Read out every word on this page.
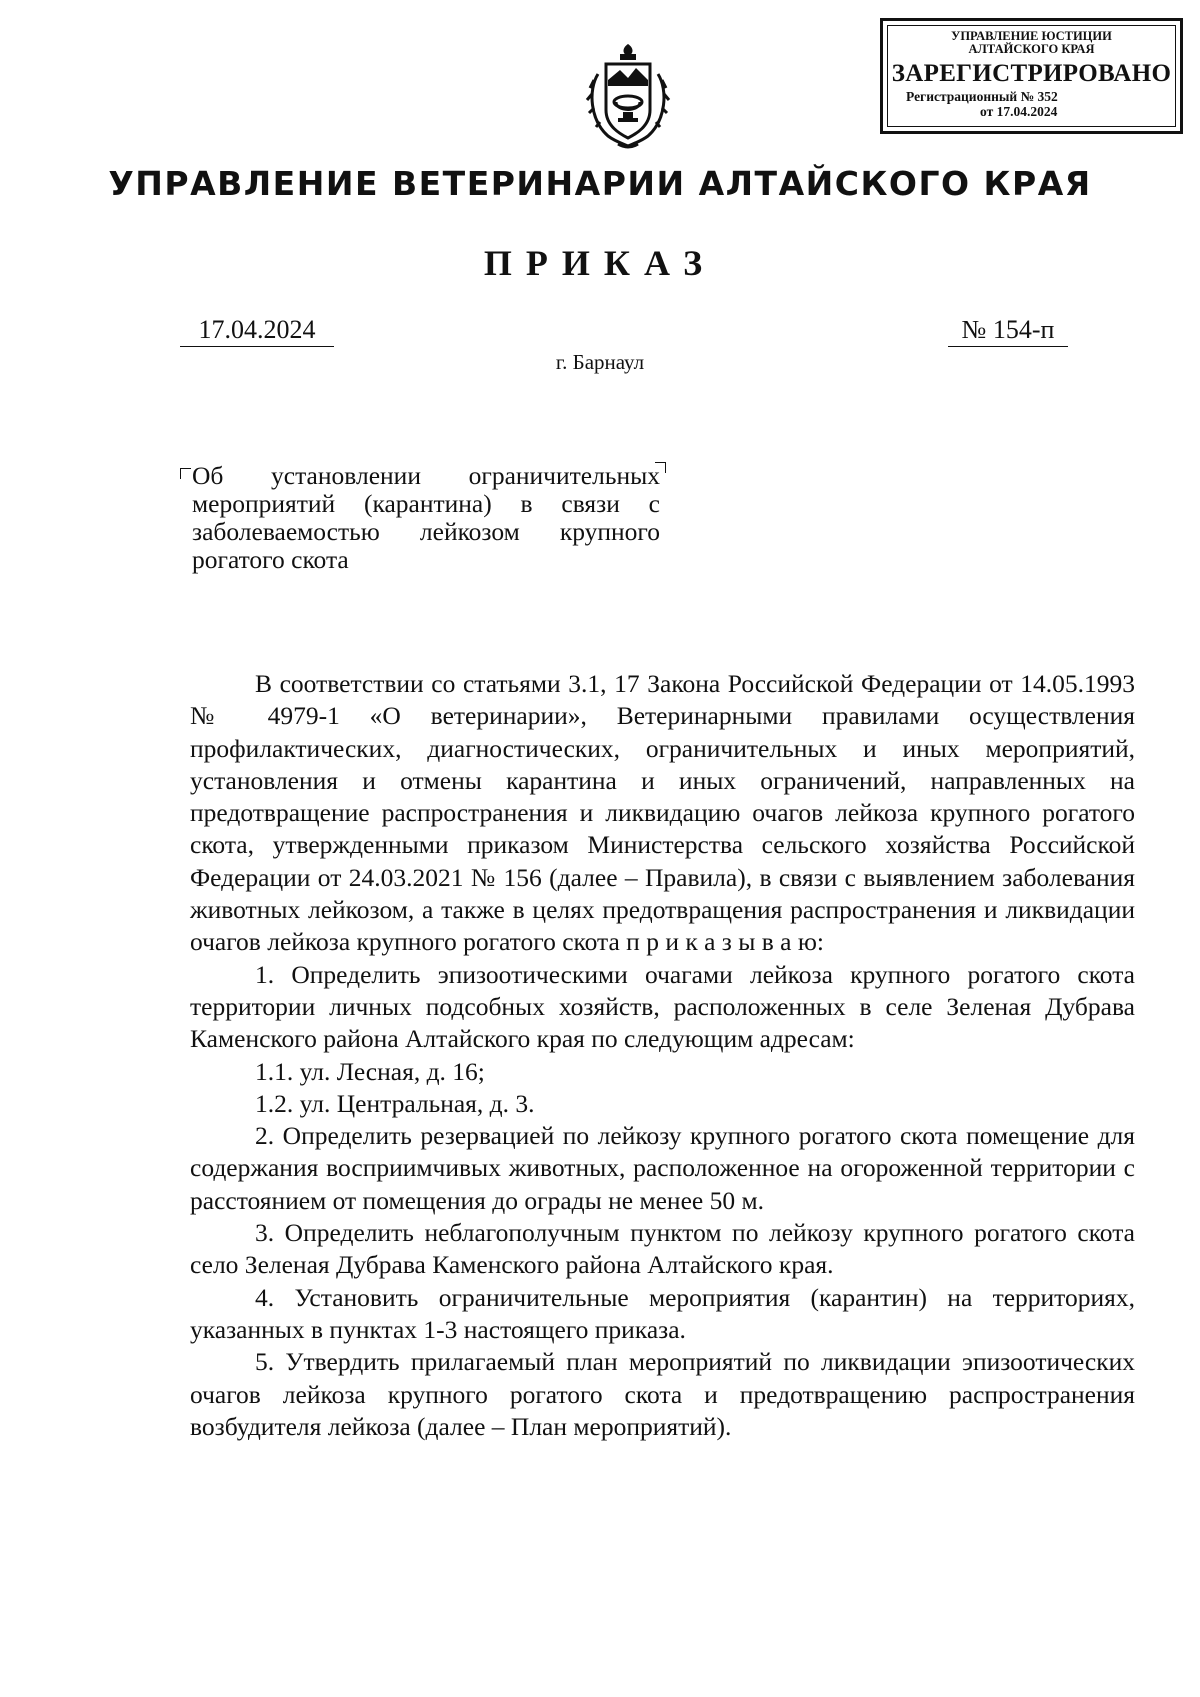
УПРАВЛЕНИЕ ЮСТИЦИИ
АЛТАЙСКОГО КРАЯ
ЗАРЕГИСТРИРОВАНО
Регистрационный № 352
от 17.04.2024
УПРАВЛЕНИЕ ВЕТЕРИНАРИИ АЛТАЙСКОГО КРАЯ
ПРИКАЗ
17.04.2024	№ 154-п
г. Барнаул
Об установлении ограничительных мероприятий (карантина) в связи с заболеваемостью лейкозом крупного рогатого скота

В соответствии со статьями 3.1, 17 Закона Российской Федерации от 14.05.1993 № 4979-1 «О ветеринарии», Ветеринарными правилами осуществления профилактических, диагностических, ограничительных и иных мероприятий, установления и отмены карантина и иных ограничений, направленных на предотвращение распространения и ликвидацию очагов лейкоза крупного рогатого скота, утвержденными приказом Министерства сельского хозяйства Российской Федерации от 24.03.2021 № 156 (далее – Правила), в связи с выявлением заболевания животных лейкозом, а также в целях предотвращения распространения и ликвидации очагов лейкоза крупного рогатого скота п р и к а з ы в а ю:

1. Определить эпизоотическими очагами лейкоза крупного рогатого скота территории личных подсобных хозяйств, расположенных в селе Зеленая Дубрава Каменского района Алтайского края по следующим адресам:

1.1. ул. Лесная, д. 16;

1.2. ул. Центральная, д. 3.

2. Определить резервацией по лейкозу крупного рогатого скота помещение для содержания восприимчивых животных, расположенное на огороженной территории с расстоянием от помещения до ограды не менее 50 м.

3. Определить неблагополучным пунктом по лейкозу крупного рогатого скота село Зеленая Дубрава Каменского района Алтайского края.

4. Установить ограничительные мероприятия (карантин) на территориях, указанных в пунктах 1-3 настоящего приказа.

5. Утвердить прилагаемый план мероприятий по ликвидации эпизоотических очагов лейкоза крупного рогатого скота и предотвращению распространения возбудителя лейкоза (далее – План мероприятий).
